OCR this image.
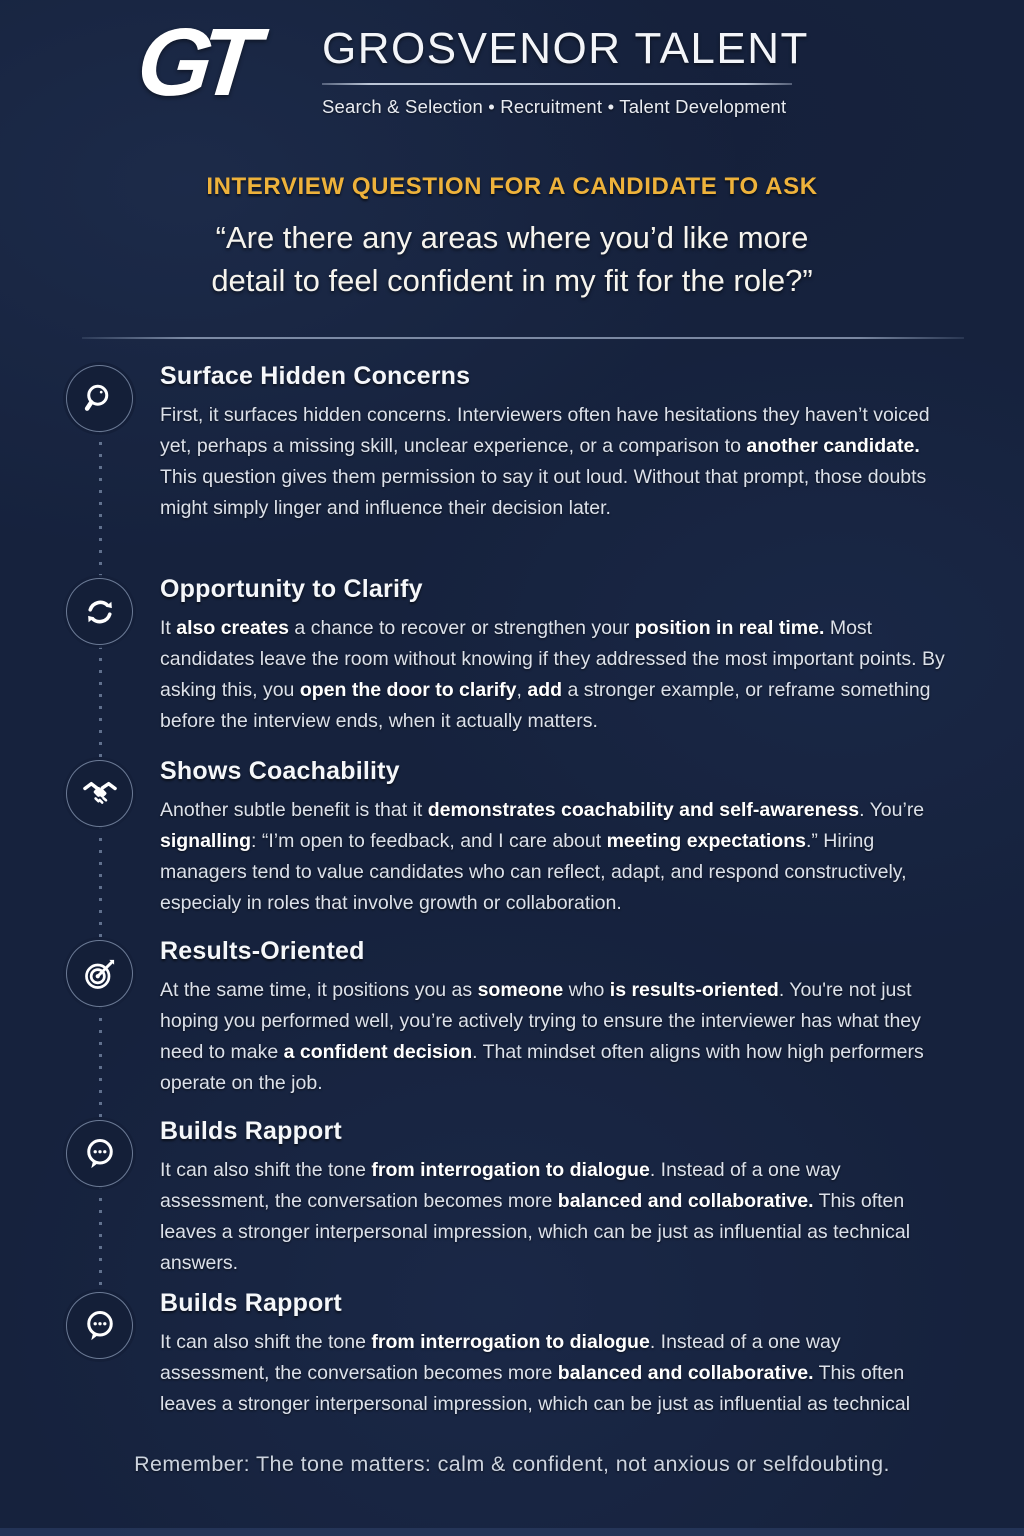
GT GROSVENOR TALENT
Search & Selection • Recruitment • Talent Development
INTERVIEW QUESTION FOR A CANDIDATE TO ASK
“Are there any areas where you’d like more
detail to feel confident in my fit for the role?”
Surface Hidden Concerns
First, it surfaces hidden concerns. Interviewers often have hesitations they haven’t voiced yet, perhaps a missing skill, unclear experience, or a comparison to another candidate. This question gives them permission to say it out loud. Without that prompt, those doubts might simply linger and influence their decision later.
Opportunity to Clarify
It also creates a chance to recover or strengthen your position in real time. Most candidates leave the room without knowing if they addressed the most important points. By asking this, you open the door to clarify, add a stronger example, or reframe something before the interview ends, when it actually matters.
Shows Coachability
Another subtle benefit is that it demonstrates coachability and self-awareness. You’re signalling: “I’m open to feedback, and I care about meeting expectations.” Hiring managers tend to value candidates who can reflect, adapt, and respond constructively, especialy in roles that involve growth or collaboration.
Results-Oriented
At the same time, it positions you as someone who is results-oriented. You're not just hoping you performed well, you’re actively trying to ensure the interviewer has what they need to make a confident decision. That mindset often aligns with how high performers operate on the job.
Builds Rapport
It can also shift the tone from interrogation to dialogue. Instead of a one way assessment, the conversation becomes more balanced and collaborative. This often leaves a stronger interpersonal impression, which can be just as influential as technical answers.
Builds Rapport
It can also shift the tone from interrogation to dialogue. Instead of a one way assessment, the conversation becomes more balanced and collaborative. This often leaves a stronger interpersonal impression, which can be just as influential as technical
Remember: The tone matters: calm & confident, not anxious or selfdoubting.
